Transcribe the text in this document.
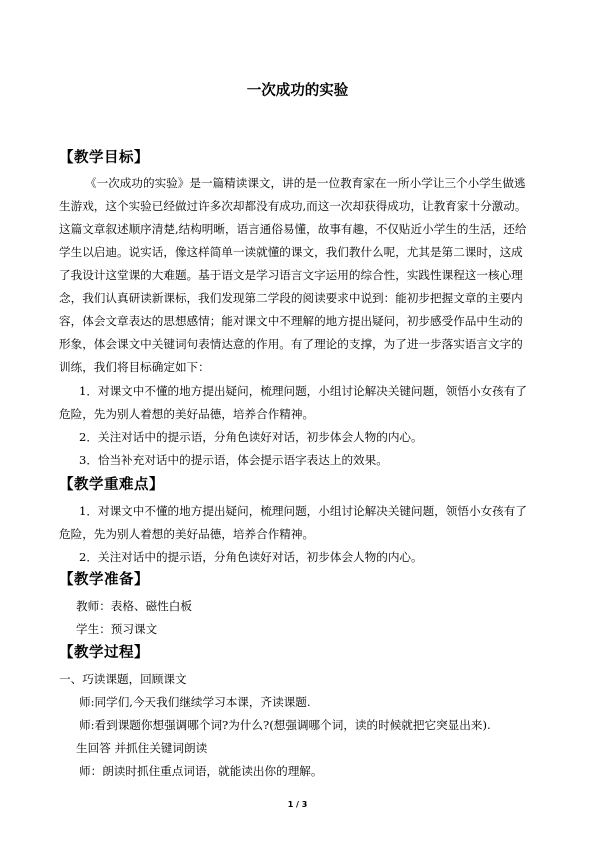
一次成功的实验
【教学目标】
《一次成功的实验》是一篇精读课文，讲的是一位教育家在一所小学让三个小学生做逃
生游戏，这个实验已经做过许多次却都没有成功,而这一次却获得成功，让教育家十分激动。
这篇文章叙述顺序清楚,结构明晰，语言通俗易懂，故事有趣，不仅贴近小学生的生活，还给
学生以启迪。说实话，像这样简单一读就懂的课文，我们教什么呢，尤其是第二课时，这成
了我设计这堂课的大难题。基于语文是学习语言文字运用的综合性，实践性课程这一核心理
念，我们认真研读新课标，我们发现第二学段的阅读要求中说到：能初步把握文章的主要内
容，体会文章表达的思想感情；能对课文中不理解的地方提出疑问，初步感受作品中生动的
形象，体会课文中关键词句表情达意的作用。有了理论的支撑，为了进一步落实语言文字的
训练，我们将目标确定如下：
1．对课文中不懂的地方提出疑问，梳理问题，小组讨论解决关键问题，领悟小女孩有了
危险，先为别人着想的美好品德，培养合作精神。
2．关注对话中的提示语，分角色读好对话，初步体会人物的内心。
3．恰当补充对话中的提示语，体会提示语字表达上的效果。
【教学重难点】
1．对课文中不懂的地方提出疑问，梳理问题，小组讨论解决关键问题，领悟小女孩有了
危险，先为别人着想的美好品德，培养合作精神。
2．关注对话中的提示语，分角色读好对话，初步体会人物的内心。
【教学准备】
教师：表格、磁性白板
学生：预习课文
【教学过程】
一、巧读课题，回顾课文
师:同学们,今天我们继续学习本课，齐读课题.
师:看到课题你想强调哪个词?为什么?(想强调哪个词，读的时候就把它突显出来).
生回答 并抓住关键词朗读
师：朗读时抓住重点词语，就能读出你的理解。
1 / 3
